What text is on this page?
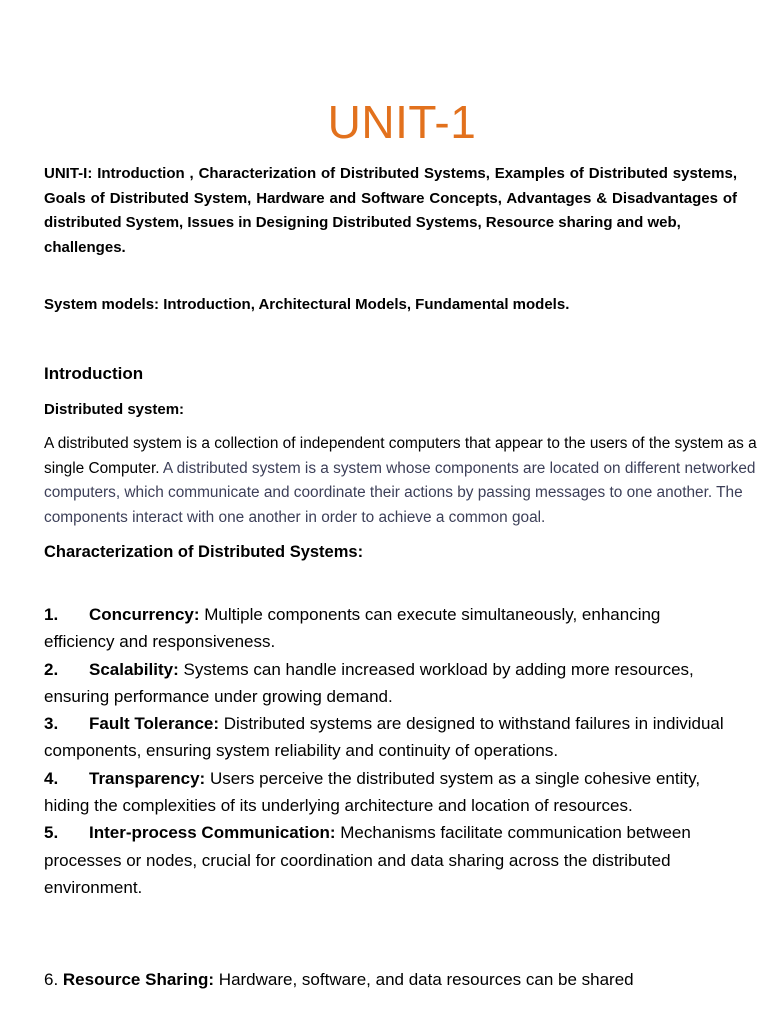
UNIT-1
UNIT-I: Introduction , Characterization of Distributed Systems, Examples of Distributed systems, Goals of Distributed System, Hardware and Software Concepts, Advantages & Disadvantages of distributed System, Issues in Designing Distributed Systems, Resource sharing and web,
challenges.
System models: Introduction, Architectural Models, Fundamental models.
Introduction
Distributed system:
A distributed system is a collection of independent computers that appear to the users of the system as a single Computer. A distributed system is a system whose components are located on different networked computers, which communicate and coordinate their actions by passing messages to one another. The components interact with one another in order to achieve a common goal.
Characterization of Distributed Systems:

1. Concurrency: Multiple components can execute simultaneously, enhancing efficiency and responsiveness.

2. Scalability: Systems can handle increased workload by adding more resources, ensuring performance under growing demand.

3. Fault Tolerance: Distributed systems are designed to withstand failures in individual components, ensuring system reliability and continuity of operations.

4. Transparency: Users perceive the distributed system as a single cohesive entity, hiding the complexities of its underlying architecture and location of resources.

5. Inter-process Communication: Mechanisms facilitate communication between processes or nodes, crucial for coordination and data sharing across the distributed environment.

6. Resource Sharing: Hardware, software, and data resources can be shared
